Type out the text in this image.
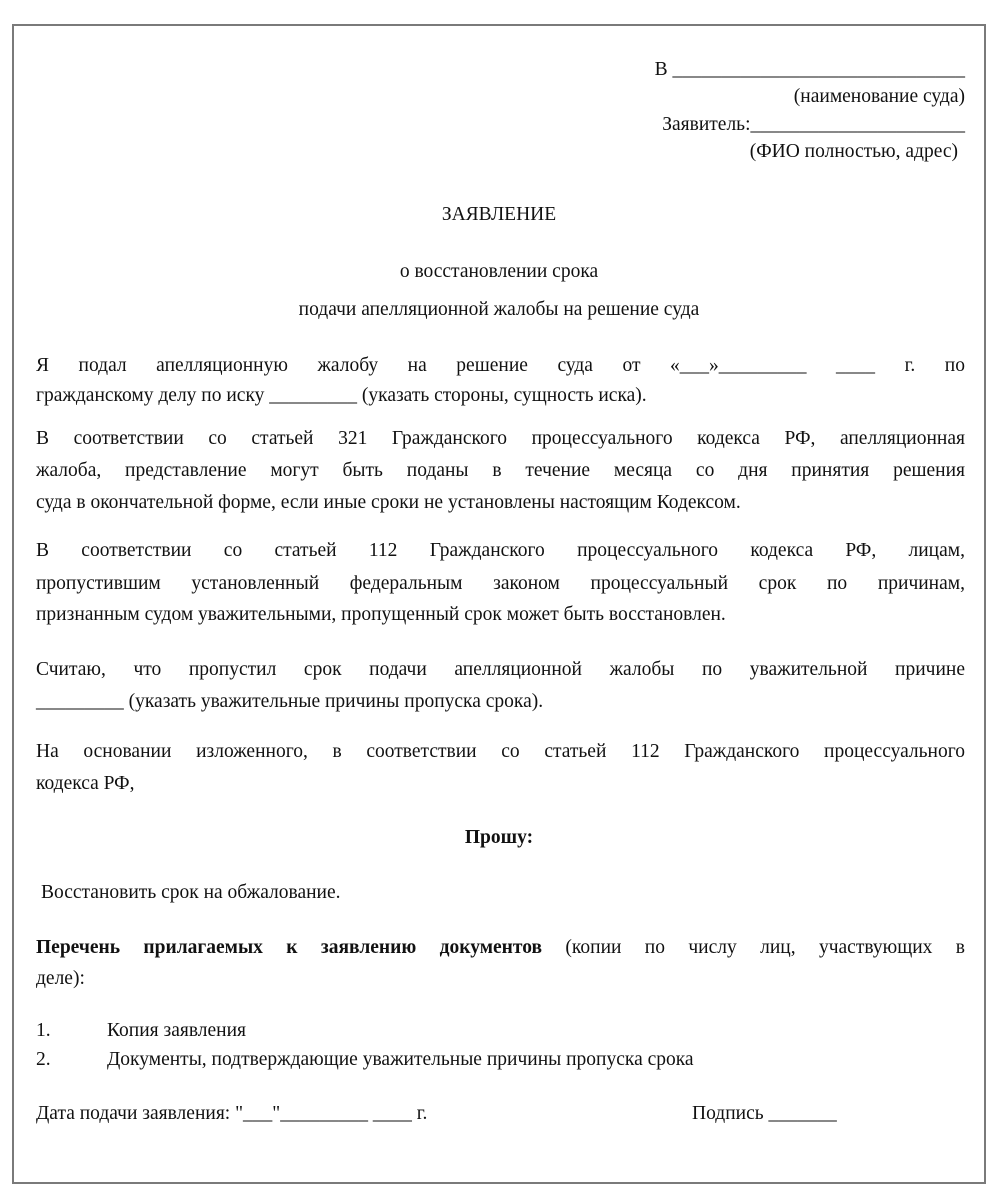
В ______________________________
(наименование суда)
Заявитель:______________________
(ФИО полностью, адрес)
ЗАЯВЛЕНИЕ
о восстановлении срока
подачи апелляционной жалобы на решение суда
Я подал апелляционную жалобу на решение суда от «___»_________ ____ г. по
гражданскому делу по иску _________ (указать стороны, сущность иска).
В соответствии со статьей 321 Гражданского процессуального кодекса РФ, апелляционная
жалоба, представление могут быть поданы в течение месяца со дня принятия решения
суда в окончательной форме, если иные сроки не установлены настоящим Кодексом.
В соответствии со статьей 112 Гражданского процессуального кодекса РФ, лицам,
пропустившим установленный федеральным законом процессуальный срок по причинам,
признанным судом уважительными, пропущенный срок может быть восстановлен.
Считаю, что пропустил срок подачи апелляционной жалобы по уважительной причине
_________ (указать уважительные причины пропуска срока).
На основании изложенного, в соответствии со статьей 112 Гражданского процессуального
кодекса РФ,
Прошу:
Восстановить срок на обжалование.
Перечень прилагаемых к заявлению документов (копии по числу лиц, участвующих в
деле):
1.	Копия заявления
2.	Документы, подтверждающие уважительные причины пропуска срока
Дата подачи заявления: "___"_________ ____ г.	Подпись _______
